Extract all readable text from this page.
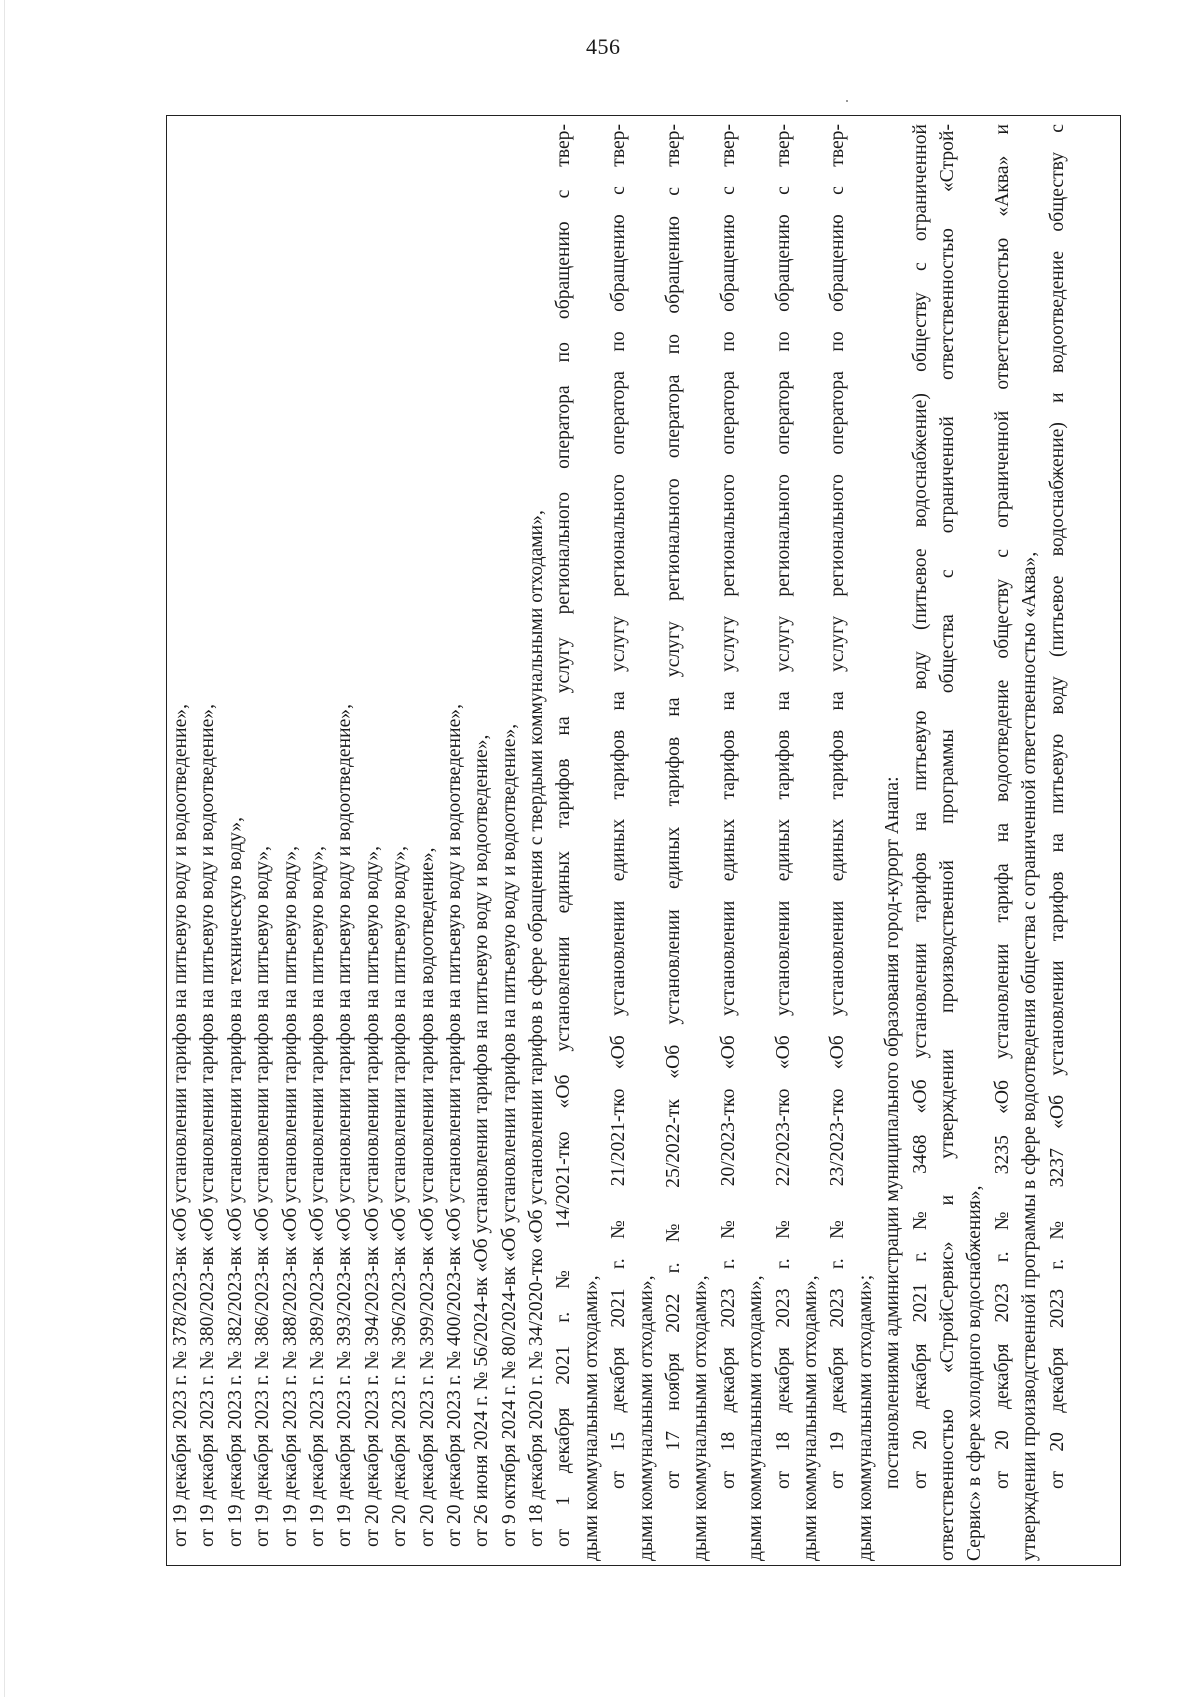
456
от 19 декабря 2023 г. № 378/2023-вк «Об установлении тарифов на питьевую воду и водоотведение», от 19 декабря 2023 г. № 380/2023-вк «Об установлении тарифов на питьевую воду и водоотведение», от 19 декабря 2023 г. № 382/2023-вк «Об установлении тарифов на техническую воду», от 19 декабря 2023 г. № 386/2023-вк «Об установлении тарифов на питьевую воду», от 19 декабря 2023 г. № 388/2023-вк «Об установлении тарифов на питьевую воду», от 19 декабря 2023 г. № 389/2023-вк «Об установлении тарифов на питьевую воду», от 19 декабря 2023 г. № 393/2023-вк «Об установлении тарифов на питьевую воду и водоотведение», от 20 декабря 2023 г. № 394/2023-вк «Об установлении тарифов на питьевую воду», от 20 декабря 2023 г. № 396/2023-вк «Об установлении тарифов на питьевую воду», от 20 декабря 2023 г. № 399/2023-вк «Об установлении тарифов на водоотведение», от 20 декабря 2023 г. № 400/2023-вк «Об установлении тарифов на питьевую воду и водоотведение», от 26 июня 2024 г. № 56/2024-вк «Об установлении тарифов на питьевую воду и водоотведение», от 9 октября 2024 г. № 80/2024-вк «Об установлении тарифов на питьевую воду и водоотведение», от 18 декабря 2020 г. № 34/2020-тко «Об установлении тарифов в сфере обращения с твердыми коммунальными отходами», от 1 декабря 2021 г. № 14/2021-тко «Об установлении единых тарифов на услугу регионального оператора по обращению с твер- дыми коммунальными отходами», от 15 декабря 2021 г. № 21/2021-тко «Об установлении единых тарифов на услугу регионального оператора по обращению с твер- дыми коммунальными отходами», от 17 ноября 2022 г. № 25/2022-тк «Об установлении единых тарифов на услугу регионального оператора по обращению с твер- дыми коммунальными отходами», от 18 декабря 2023 г. № 20/2023-тко «Об установлении единых тарифов на услугу регионального оператора по обращению с твер- дыми коммунальными отходами», от 18 декабря 2023 г. № 22/2023-тко «Об установлении единых тарифов на услугу регионального оператора по обращению с твер- дыми коммунальными отходами», от 19 декабря 2023 г. № 23/2023-тко «Об установлении единых тарифов на услугу регионального оператора по обращению с твер- дыми коммунальными отходами»; постановлениями администрации муниципального образования город-курорт Анапа: от 20 декабря 2021 г. № 3468 «Об установлении тарифов на питьевую воду (питьевое водоснабжение) обществу с ограниченной ответственностью «СтройСервис» и утверждении производственной программы общества с ограниченной ответственностью «Строй- Сервис» в сфере холодного водоснабжения», от 20 декабря 2023 г. № 3235 «Об установлении тарифа на водоотведение обществу с ограниченной ответственностью «Аква» и утверждении производственной программы в сфере водоотведения общества с ограниченной ответственностью «Аква», от 20 декабря 2023 г. № 3237 «Об установлении тарифов на питьевую воду (питьевое водоснабжение) и водоотведение обществу с
